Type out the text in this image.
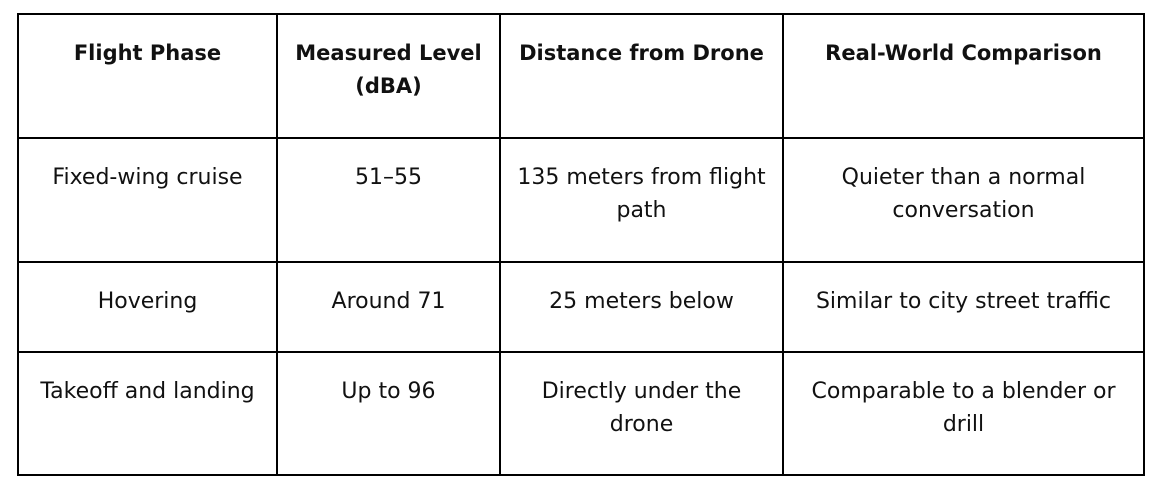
Flight Phase	Measured Level (dBA)	Distance from Drone	Real-World Comparison
Fixed-wing cruise	51–55	135 meters from flight path	Quieter than a normal conversation
Hovering	Around 71	25 meters below	Similar to city street traffic
Takeoff and landing	Up to 96	Directly under the drone	Comparable to a blender or drill
